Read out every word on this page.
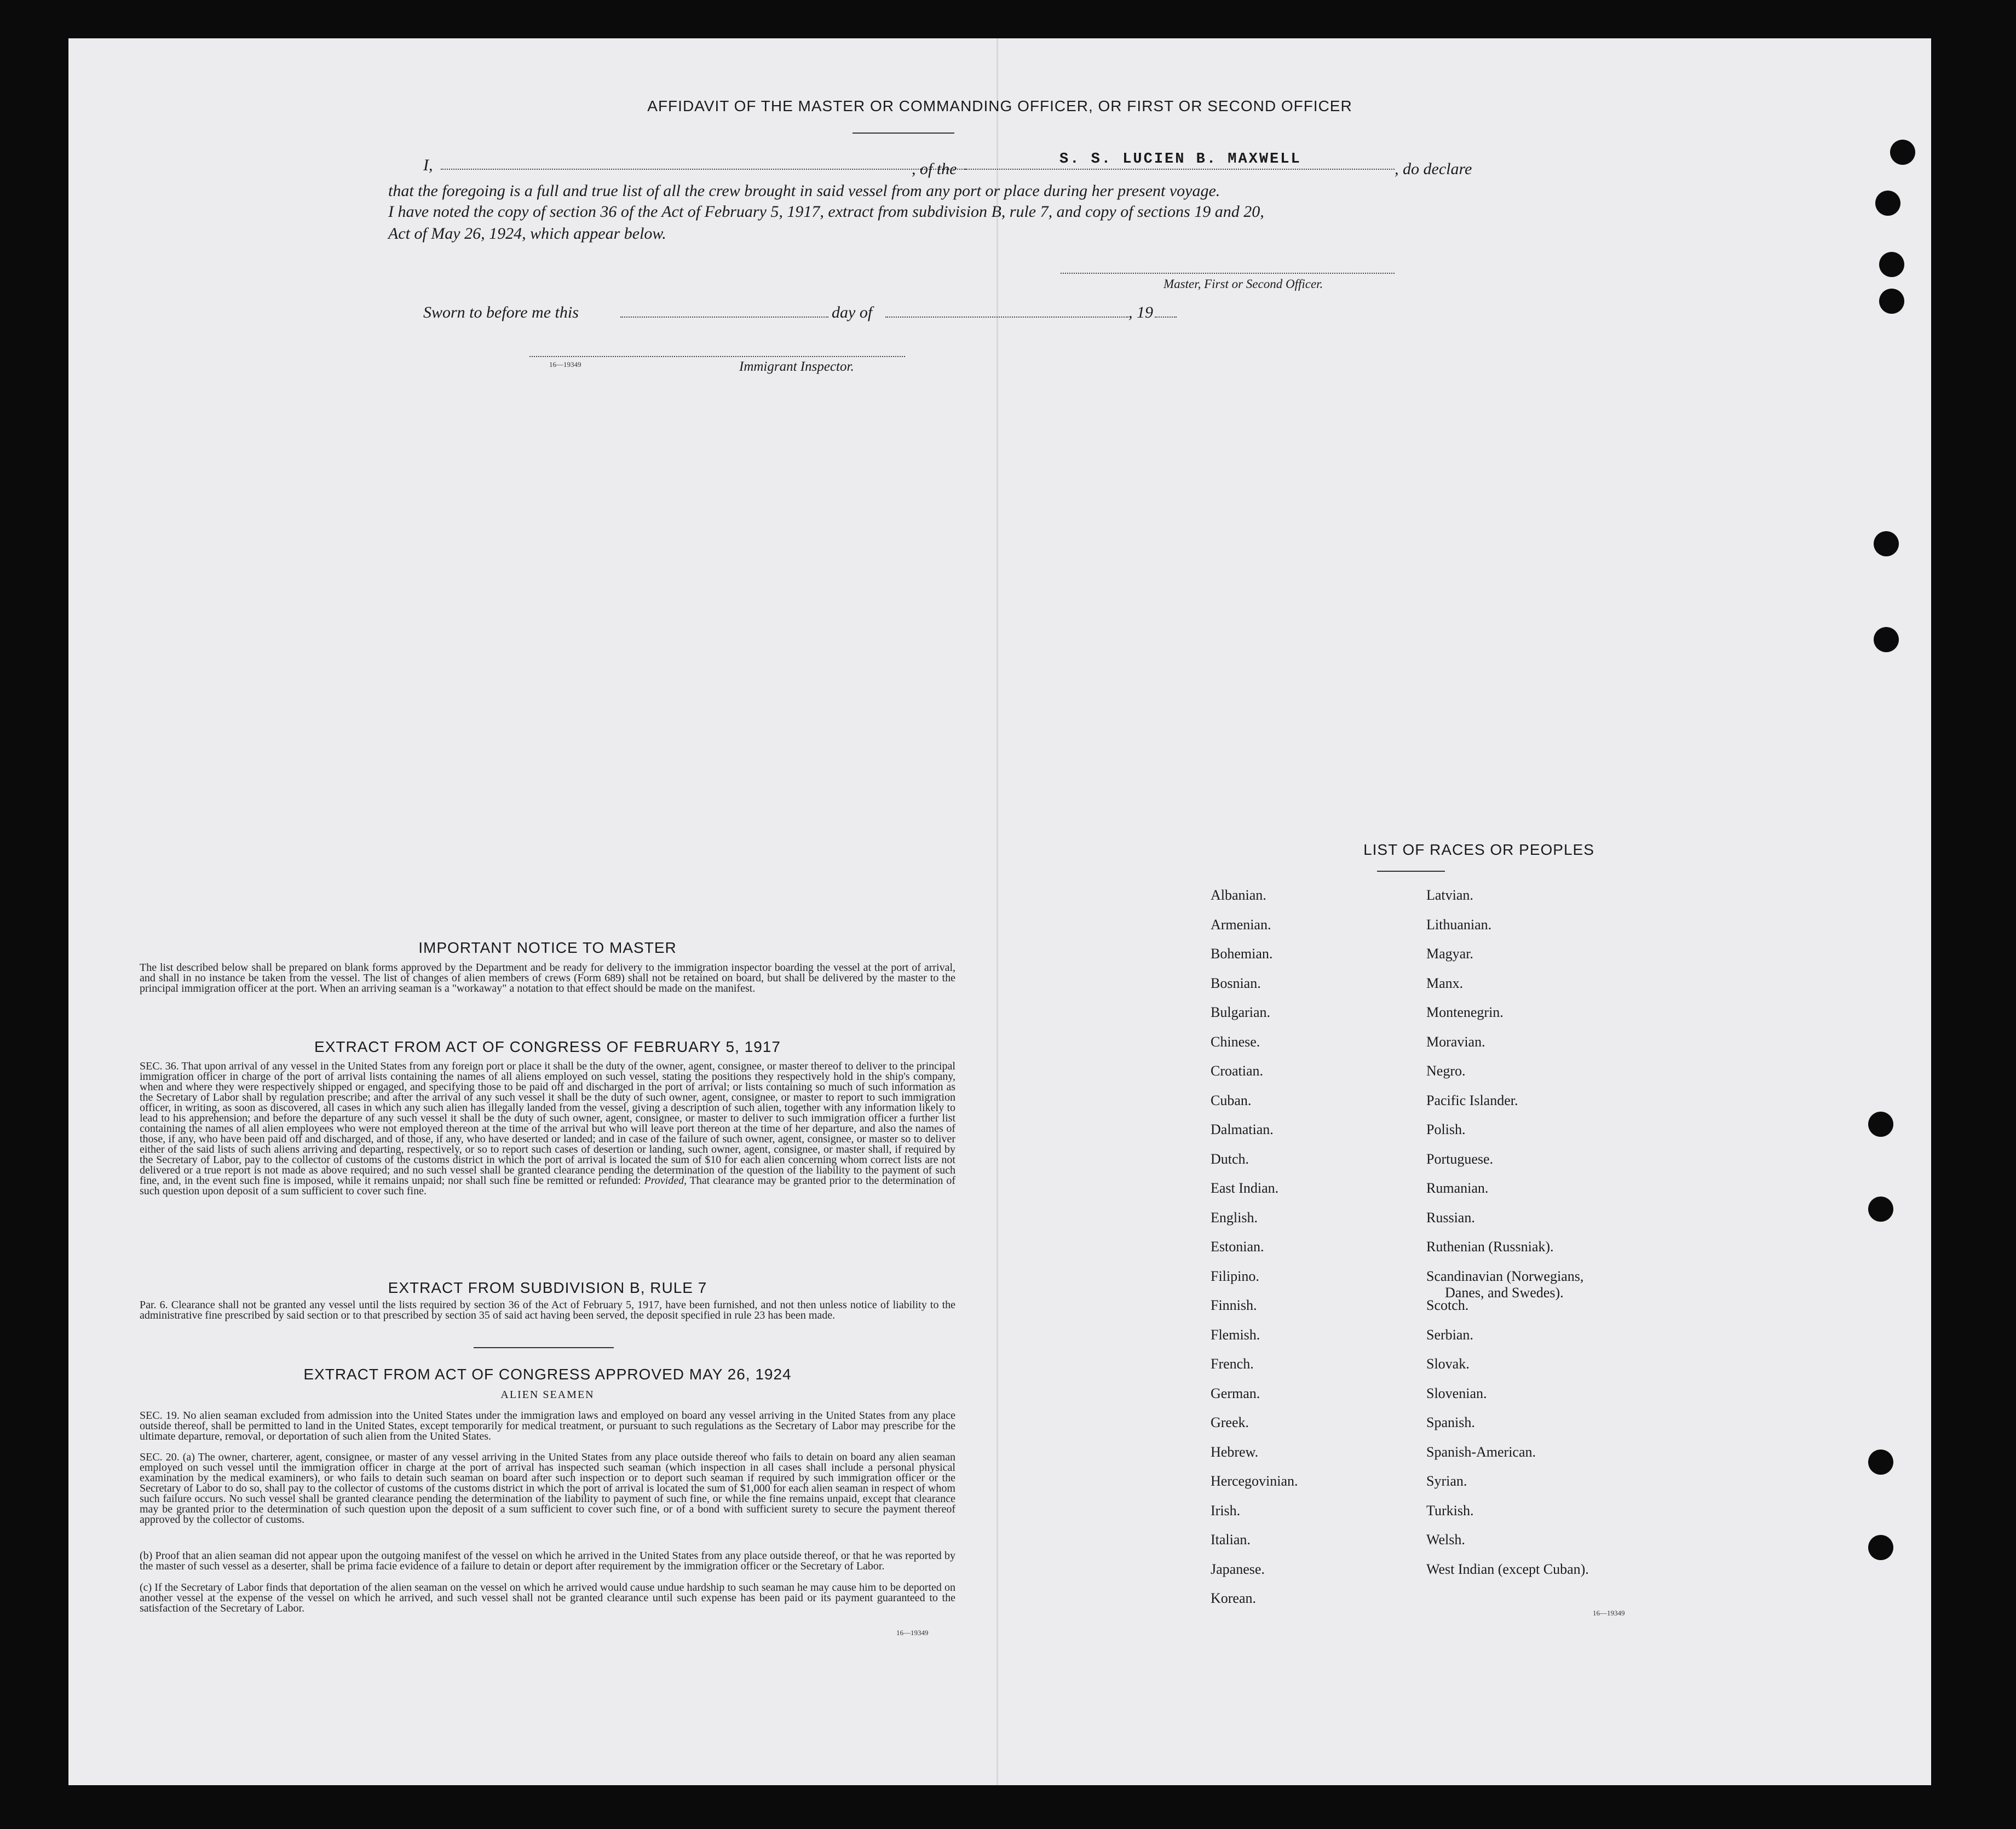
AFFIDAVIT OF THE MASTER OR COMMANDING OFFICER, OR FIRST OR SECOND OFFICER
I,	, of the
S. S. LUCIEN B. MAXWELL
, do declare
that the foregoing is a full and true list of all the crew brought in said vessel from any port or place during her present voyage.
I have noted the copy of section 36 of the Act of February 5, 1917, extract from subdivision B, rule 7, and copy of sections 19 and 20,
Act of May 26, 1924, which appear below.
Master, First or Second Officer.
Sworn to before me this	day of	, 19
16—19349	Immigrant Inspector.
IMPORTANT NOTICE TO MASTER
The list described below shall be prepared on blank forms approved by the Department and be ready for delivery to the immigration inspector boarding the vessel at the port of arrival, and shall in no instance be taken from the vessel. The list of changes of alien members of crews (Form 689) shall not be retained on board, but shall be delivered by the master to the principal immigration officer at the port. When an arriving seaman is a "workaway" a notation to that effect should be made on the manifest.
EXTRACT FROM ACT OF CONGRESS OF FEBRUARY 5, 1917
SEC. 36. That upon arrival of any vessel in the United States from any foreign port or place it shall be the duty of the owner, agent, consignee, or master thereof to deliver to the principal immigration officer in charge of the port of arrival lists containing the names of all aliens employed on such vessel, stating the positions they respectively hold in the ship's company, when and where they were respectively shipped or engaged, and specifying those to be paid off and discharged in the port of arrival; or lists containing so much of such information as the Secretary of Labor shall by regulation prescribe; and after the arrival of any such vessel it shall be the duty of such owner, agent, consignee, or master to report to such immigration officer, in writing, as soon as discovered, all cases in which any such alien has illegally landed from the vessel, giving a description of such alien, together with any information likely to lead to his apprehension; and before the departure of any such vessel it shall be the duty of such owner, agent, consignee, or master to deliver to such immigration officer a further list containing the names of all alien employees who were not employed thereon at the time of the arrival but who will leave port thereon at the time of her departure, and also the names of those, if any, who have been paid off and discharged, and of those, if any, who have deserted or landed; and in case of the failure of such owner, agent, consignee, or master so to deliver either of the said lists of such aliens arriving and departing, respectively, or so to report such cases of desertion or landing, such owner, agent, consignee, or master shall, if required by the Secretary of Labor, pay to the collector of customs of the customs district in which the port of arrival is located the sum of $10 for each alien concerning whom correct lists are not delivered or a true report is not made as above required; and no such vessel shall be granted clearance pending the determination of the question of the liability to the payment of such fine, and, in the event such fine is imposed, while it remains unpaid; nor shall such fine be remitted or refunded: Provided, That clearance may be granted prior to the determination of such question upon deposit of a sum sufficient to cover such fine.
EXTRACT FROM SUBDIVISION B, RULE 7
Par. 6. Clearance shall not be granted any vessel until the lists required by section 36 of the Act of February 5, 1917, have been furnished, and not then unless notice of liability to the administrative fine prescribed by said section or to that prescribed by section 35 of said act having been served, the deposit specified in rule 23 has been made.
EXTRACT FROM ACT OF CONGRESS APPROVED MAY 26, 1924
ALIEN SEAMEN
SEC. 19. No alien seaman excluded from admission into the United States under the immigration laws and employed on board any vessel arriving in the United States from any place outside thereof, shall be permitted to land in the United States, except temporarily for medical treatment, or pursuant to such regulations as the Secretary of Labor may prescribe for the ultimate departure, removal, or deportation of such alien from the United States.
SEC. 20. (a) The owner, charterer, agent, consignee, or master of any vessel arriving in the United States from any place outside thereof who fails to detain on board any alien seaman employed on such vessel until the immigration officer in charge at the port of arrival has inspected such seaman (which inspection in all cases shall include a personal physical examination by the medical examiners), or who fails to detain such seaman on board after such inspection or to deport such seaman if required by such immigration officer or the Secretary of Labor to do so, shall pay to the collector of customs of the customs district in which the port of arrival is located the sum of $1,000 for each alien seaman in respect of whom such failure occurs. No such vessel shall be granted clearance pending the determination of the liability to payment of such fine, or while the fine remains unpaid, except that clearance may be granted prior to the determination of such question upon the deposit of a sum sufficient to cover such fine, or of a bond with sufficient surety to secure the payment thereof approved by the collector of customs.
(b) Proof that an alien seaman did not appear upon the outgoing manifest of the vessel on which he arrived in the United States from any place outside thereof, or that he was reported by the master of such vessel as a deserter, shall be prima facie evidence of a failure to detain or deport after requirement by the immigration officer or the Secretary of Labor.
(c) If the Secretary of Labor finds that deportation of the alien seaman on the vessel on which he arrived would cause undue hardship to such seaman he may cause him to be deported on another vessel at the expense of the vessel on which he arrived, and such vessel shall not be granted clearance until such expense has been paid or its payment guaranteed to the satisfaction of the Secretary of Labor.
16—19349
LIST OF RACES OR PEOPLES
Albanian.
Armenian.
Bohemian.
Bosnian.
Bulgarian.
Chinese.
Croatian.
Cuban.
Dalmatian.
Dutch.
East Indian.
English.
Estonian.
Filipino.
Finnish.
Flemish.
French.
German.
Greek.
Hebrew.
Hercegovinian.
Irish.
Italian.
Japanese.
Korean.
Latvian.
Lithuanian.
Magyar.
Manx.
Montenegrin.
Moravian.
Negro.
Pacific Islander.
Polish.
Portuguese.
Rumanian.
Russian.
Ruthenian (Russniak).
Scandinavian (Norwegians,
Danes, and Swedes).
Scotch.
Serbian.
Slovak.
Slovenian.
Spanish.
Spanish-American.
Syrian.
Turkish.
Welsh.
West Indian (except Cuban).
16—19349
